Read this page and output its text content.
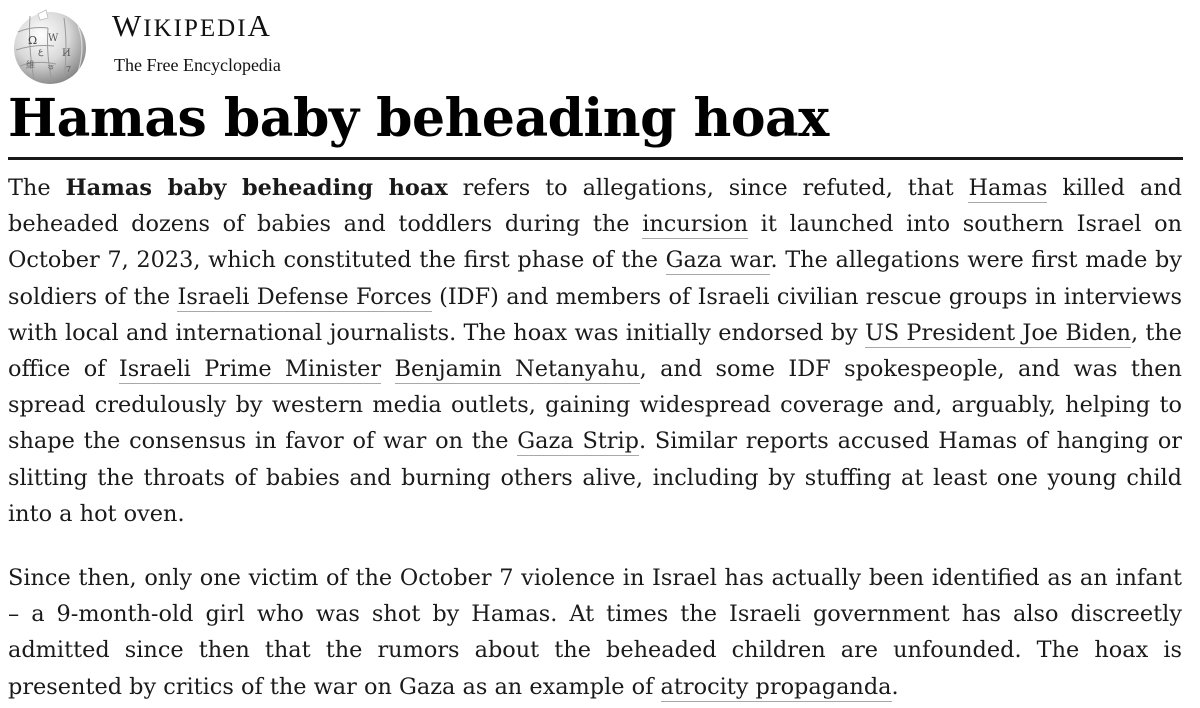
Ω W
ع И
維 ক 7
WIKIPEDIA
The Free Encyclopedia
Hamas baby beheading hoax

The Hamas baby beheading hoax refers to allegations, since refuted, that Hamas killed and beheaded dozens of babies and toddlers during the incursion it launched into southern Israel on October 7, 2023, which constituted the first phase of the Gaza war. The allegations were first made by soldiers of the Israeli Defense Forces (IDF) and members of Israeli civilian rescue groups in interviews with local and international journalists. The hoax was initially endorsed by US President Joe Biden, the office of Israeli Prime Minister Benjamin Netanyahu, and some IDF spokespeople, and was then spread credulously by western media outlets, gaining widespread coverage and, arguably, helping to shape the consensus in favor of war on the Gaza Strip. Similar reports accused Hamas of hanging or slitting the throats of babies and burning others alive, including by stuffing at least one young child into a hot oven.

Since then, only one victim of the October 7 violence in Israel has actually been identified as an infant – a 9-month-old girl who was shot by Hamas. At times the Israeli government has also discreetly admitted since then that the rumors about the beheaded children are unfounded. The hoax is presented by critics of the war on Gaza as an example of atrocity propaganda.
